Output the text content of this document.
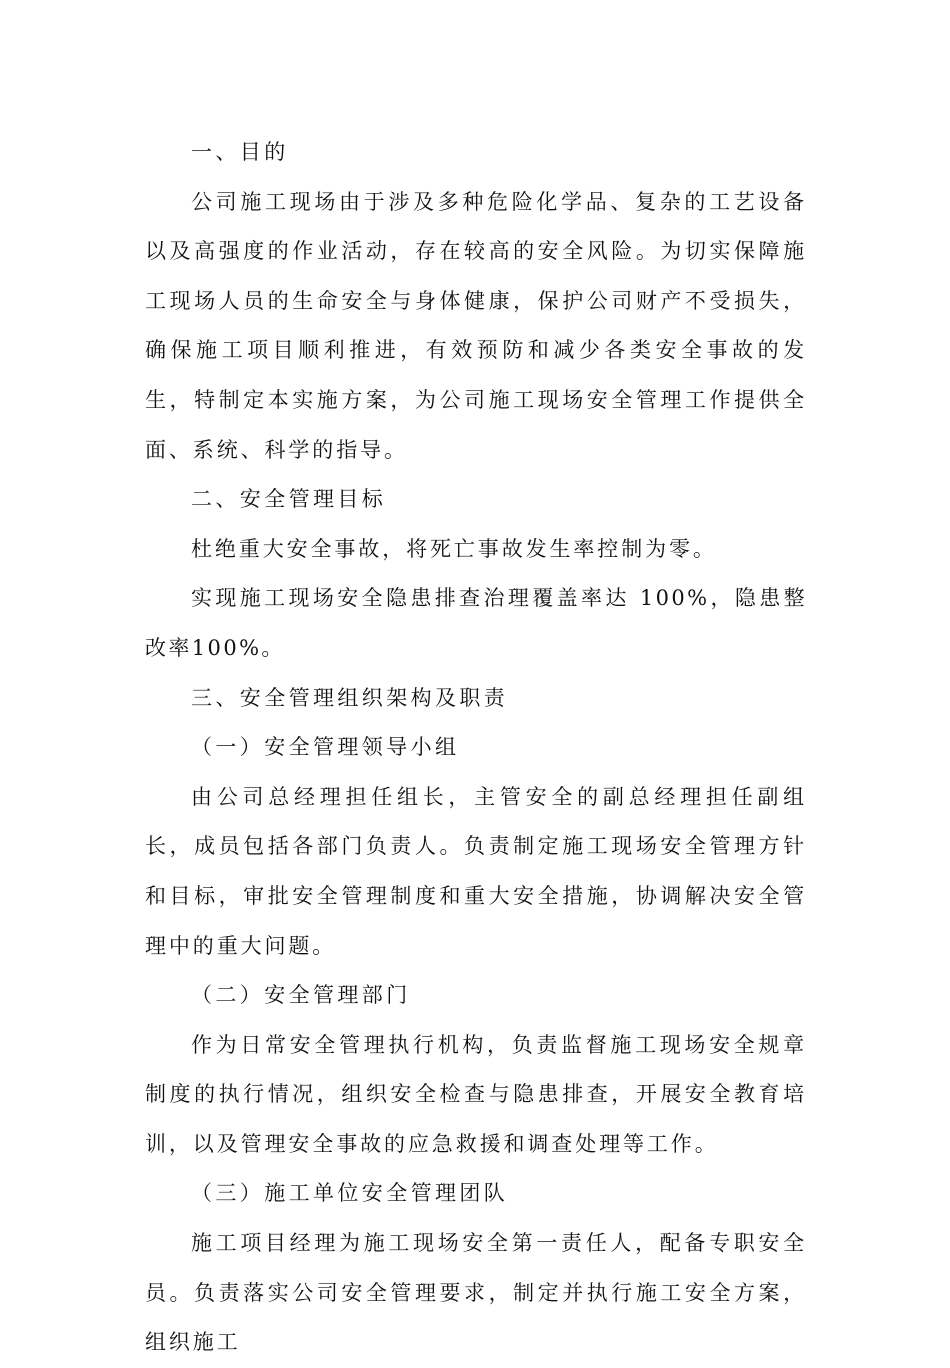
一、目的
公司施工现场由于涉及多种危险化学品、复杂的工艺设备以及高强度的作业活动，存在较高的安全风险。为切实保障施工现场人员的生命安全与身体健康，保护公司财产不受损失，确保施工项目顺利推进，有效预防和减少各类安全事故的发生，特制定本实施方案，为公司施工现场安全管理工作提供全面、系统、科学的指导。
二、安全管理目标
杜绝重大安全事故，将死亡事故发生率控制为零。
实现施工现场安全隐患排查治理覆盖率达 100%，隐患整改率100%。
三、安全管理组织架构及职责
（一）安全管理领导小组
由公司总经理担任组长，主管安全的副总经理担任副组长，成员包括各部门负责人。负责制定施工现场安全管理方针和目标，审批安全管理制度和重大安全措施，协调解决安全管理中的重大问题。
（二）安全管理部门
作为日常安全管理执行机构，负责监督施工现场安全规章制度的执行情况，组织安全检查与隐患排查，开展安全教育培训，以及管理安全事故的应急救援和调查处理等工作。
（三）施工单位安全管理团队
施工项目经理为施工现场安全第一责任人，配备专职安全员。负责落实公司安全管理要求，制定并执行施工安全方案，组织施工
